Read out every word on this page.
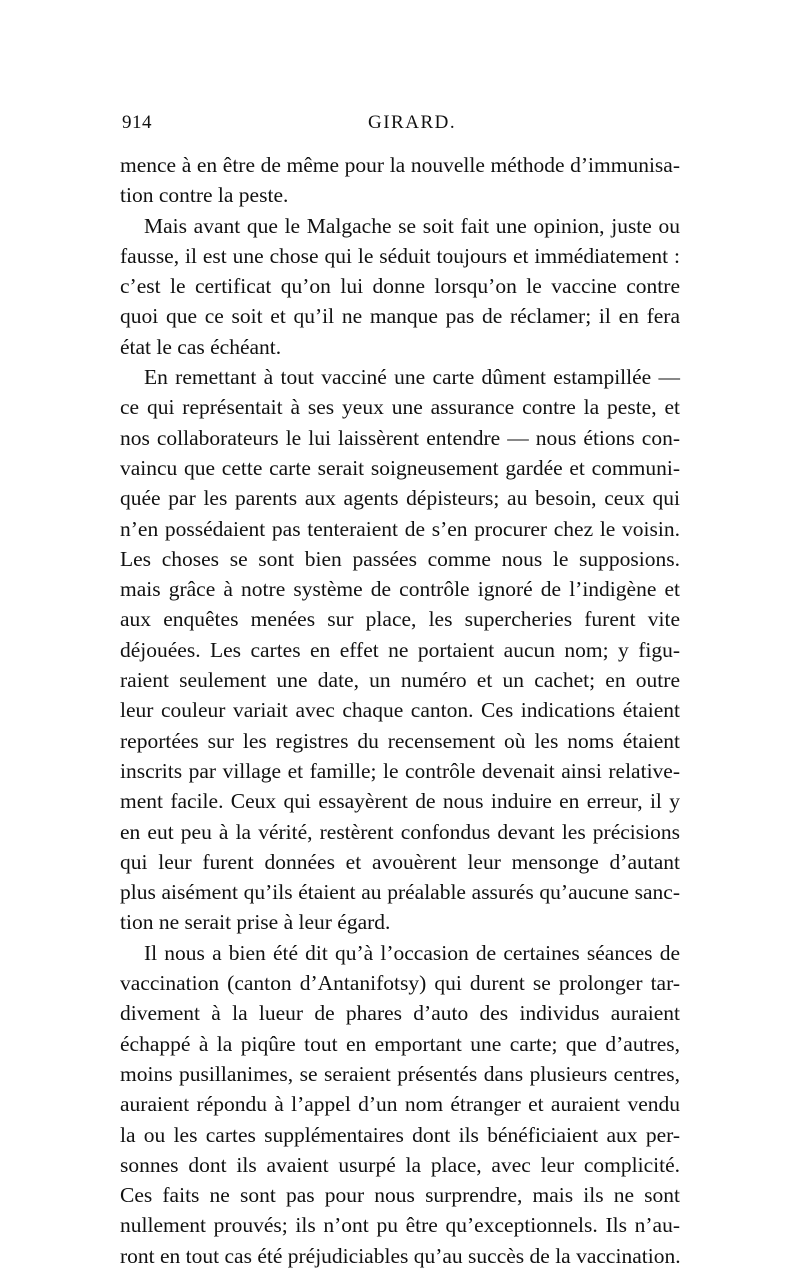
914	GIRARD.
mence à en être de même pour la nouvelle méthode d’immunisa-
tion contre la peste.
Mais avant que le Malgache se soit fait une opinion, juste ou
fausse, il est une chose qui le séduit toujours et immédiatement :
c’est le certificat qu’on lui donne lorsqu’on le vaccine contre
quoi que ce soit et qu’il ne manque pas de réclamer; il en fera
état le cas échéant.
En remettant à tout vacciné une carte dûment estampillée —
ce qui représentait à ses yeux une assurance contre la peste, et
nos collaborateurs le lui laissèrent entendre — nous étions con-
vaincu que cette carte serait soigneusement gardée et communi-
quée par les parents aux agents dépisteurs; au besoin, ceux qui
n’en possédaient pas tenteraient de s’en procurer chez le voisin.
Les choses se sont bien passées comme nous le supposions.
mais grâce à notre système de contrôle ignoré de l’indigène et
aux enquêtes menées sur place, les supercheries furent vite
déjouées. Les cartes en effet ne portaient aucun nom; y figu-
raient seulement une date, un numéro et un cachet; en outre
leur couleur variait avec chaque canton. Ces indications étaient
reportées sur les registres du recensement où les noms étaient
inscrits par village et famille; le contrôle devenait ainsi relative-
ment facile. Ceux qui essayèrent de nous induire en erreur, il y
en eut peu à la vérité, restèrent confondus devant les précisions
qui leur furent données et avouèrent leur mensonge d’autant
plus aisément qu’ils étaient au préalable assurés qu’aucune sanc-
tion ne serait prise à leur égard.
Il nous a bien été dit qu’à l’occasion de certaines séances de
vaccination (canton d’Antanifotsy) qui durent se prolonger tar-
divement à la lueur de phares d’auto des individus auraient
échappé à la piqûre tout en emportant une carte; que d’autres,
moins pusillanimes, se seraient présentés dans plusieurs centres,
auraient répondu à l’appel d’un nom étranger et auraient vendu
la ou les cartes supplémentaires dont ils bénéficiaient aux per-
sonnes dont ils avaient usurpé la place, avec leur complicité.
Ces faits ne sont pas pour nous surprendre, mais ils ne sont
nullement prouvés; ils n’ont pu être qu’exceptionnels. Ils n’au-
ront en tout cas été préjudiciables qu’au succès de la vaccination.
